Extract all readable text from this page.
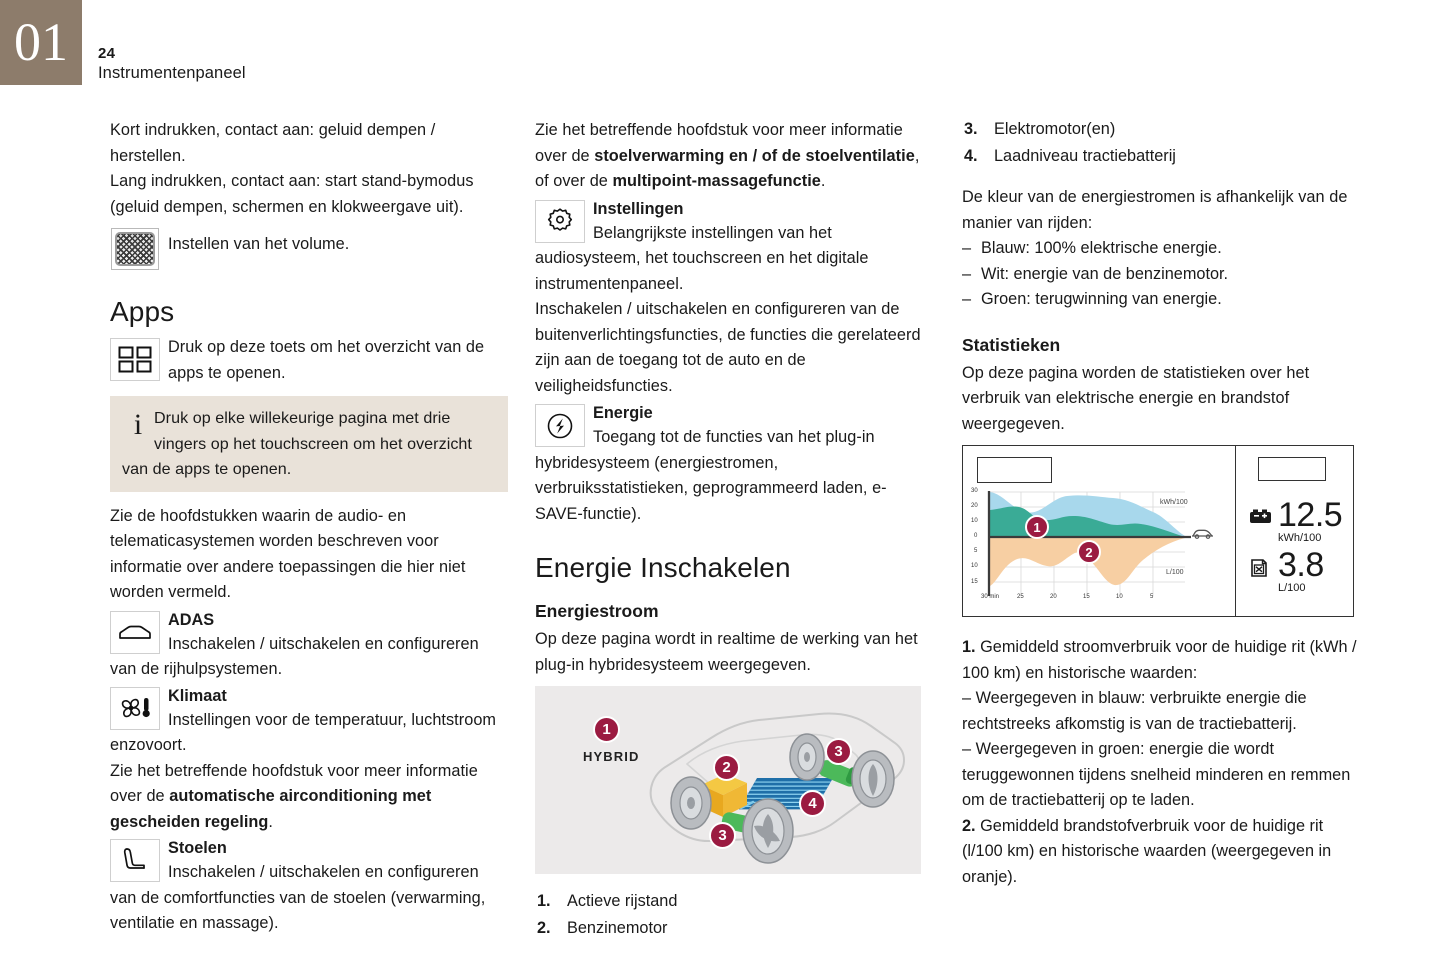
01	24
Instrumentenpaneel

Kort indrukken, contact aan: geluid dempen /

herstellen.

Lang indrukken, contact aan: start stand-bymodus

(geluid dempen, schermen en klokweergave uit).

Instellen van het volume.
Apps
Druk op deze toets om het overzicht van de apps te openen.
i Druk op elke willekeurige pagina met drie vingers op het touchscreen om het overzicht van de apps te openen.

Zie de hoofdstukken waarin de audio- en telematicasystemen worden beschreven voor informatie over andere toepassingen die hier niet worden vermeld.

ADAS
Inschakelen / uitschakelen en configureren van de rijhulpsystemen.
Klimaat
Instellingen voor de temperatuur, luchtstroom enzovoort.

Zie het betreffende hoofdstuk voor meer informatie over de automatische airconditioning met gescheiden regeling.

Stoelen
Inschakelen / uitschakelen en configureren van de comfortfuncties van de stoelen (verwarming, ventilatie en massage).

Zie het betreffende hoofdstuk voor meer informatie over de stoelverwarming en / of de stoelventilatie, of over de multipoint-massagefunctie.

Instellingen
Belangrijkste instellingen van het audiosysteem, het touchscreen en het digitale instrumentenpaneel.

Inschakelen / uitschakelen en configureren van de buitenverlichtingsfuncties, de functies die gerelateerd zijn aan de toegang tot de auto en de veiligheidsfuncties.

Energie
Toegang tot de functies van het plug-in hybridesysteem (energiestromen, verbruiksstatistieken, geprogrammeerd laden, e-SAVE-functie).
Energie Inschakelen
Energiestroom

Op deze pagina wordt in realtime de werking van het plug-in hybridesysteem weergegeven.

HYBRID
1
2
3
3
4
1. Actieve rijstand
2. Benzinemotor
3. Elektromotor(en)
4. Laadniveau tractiebatterij

De kleur van de energiestromen is afhankelijk van de manier van rijden:

– Blauw: 100% elektrische energie.
– Wit: energie van de benzinemotor.
– Groen: terugwinning van energie.
Statistieken

Op deze pagina worden de statistieken over het verbruik van elektrische energie en brandstof weergegeven.

30
20
10
0
5
10
15
30 min	25	20	15	10	5
kWh/100
L/100
1
2
12.5
kWh/100
3.8
L/100

1. Gemiddeld stroomverbruik voor de huidige rit (kWh / 100 km) en historische waarden:

– Weergegeven in blauw: verbruikte energie die rechtstreeks afkomstig is van de tractiebatterij.

– Weergegeven in groen: energie die wordt teruggewonnen tijdens snelheid minderen en remmen om de tractiebatterij op te laden.

2. Gemiddeld brandstofverbruik voor de huidige rit (l/100 km) en historische waarden (weergegeven in oranje).
